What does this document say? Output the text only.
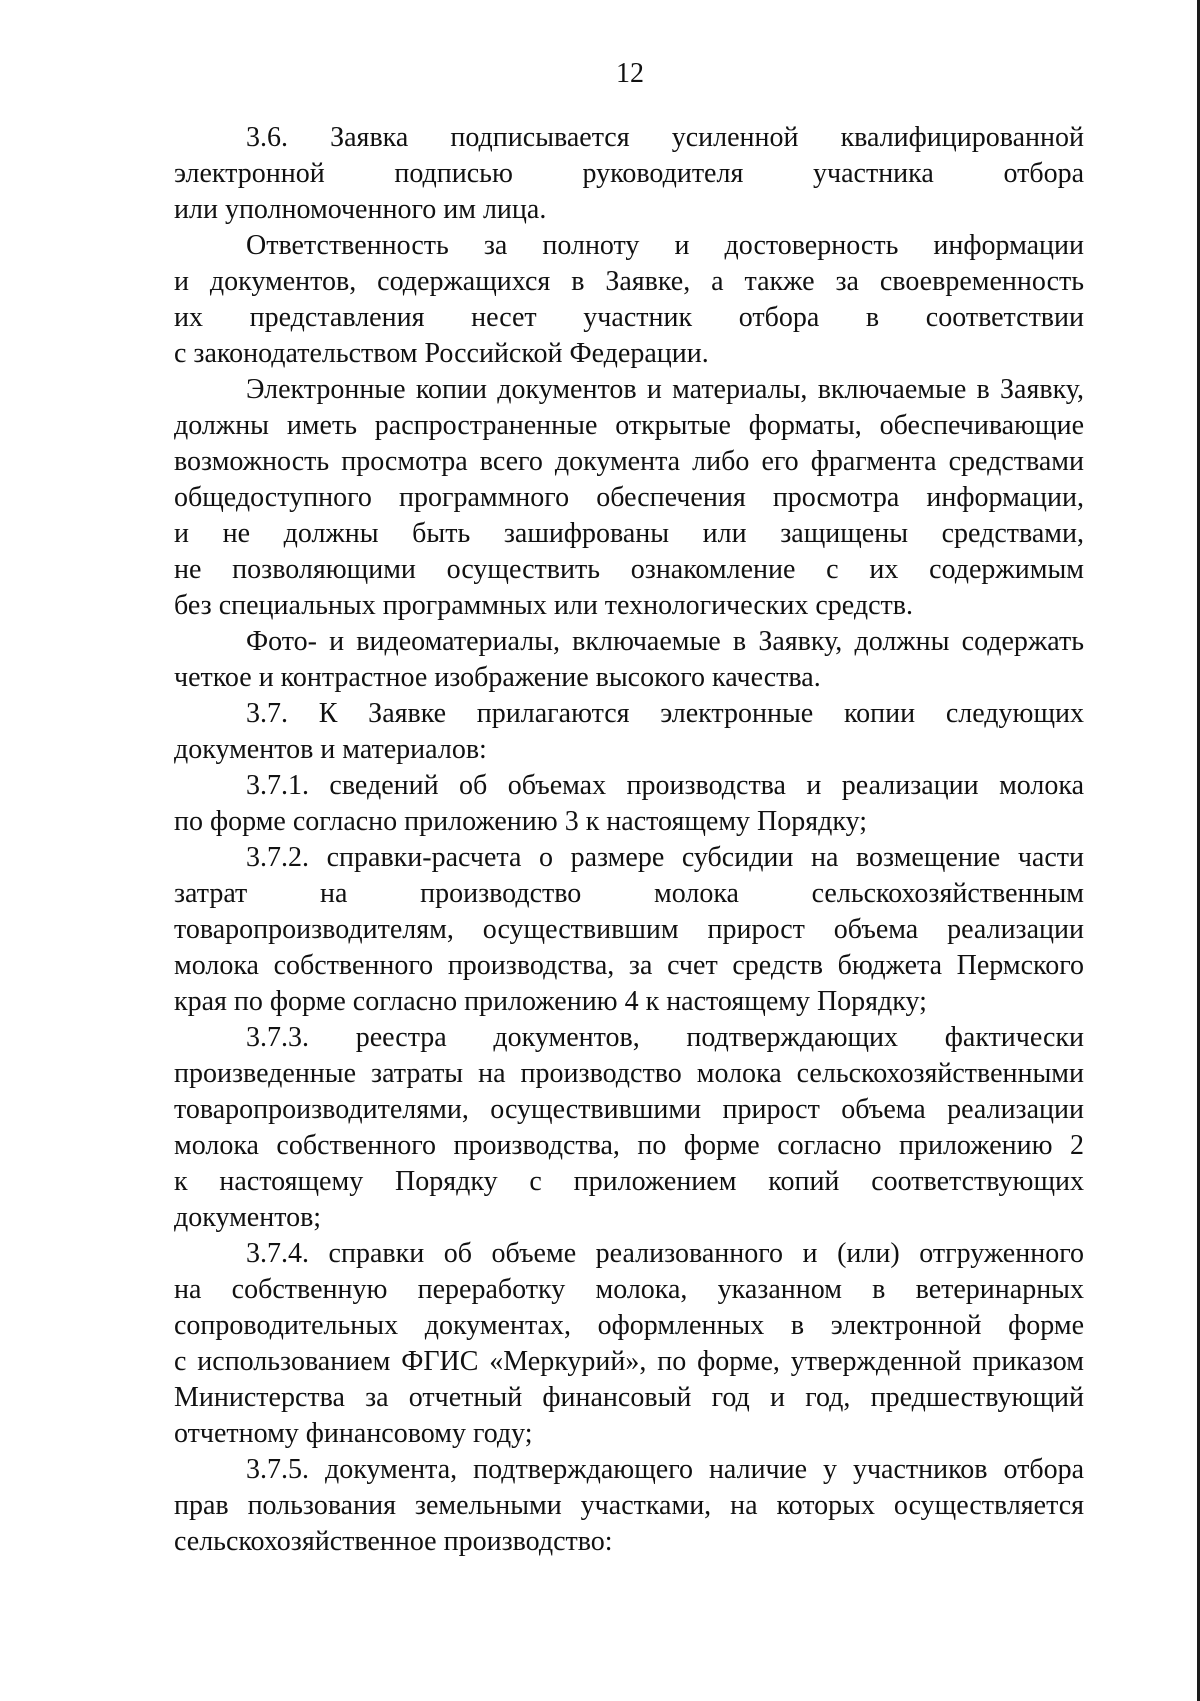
12
3.6. Заявка подписывается усиленной квалифицированной
электронной подписью руководителя участника отбора
или уполномоченного им лица.
Ответственность за полноту и достоверность информации
и документов, содержащихся в Заявке, а также за своевременность
их представления несет участник отбора в соответствии
с законодательством Российской Федерации.
Электронные копии документов и материалы, включаемые в Заявку,
должны иметь распространенные открытые форматы, обеспечивающие
возможность просмотра всего документа либо его фрагмента средствами
общедоступного программного обеспечения просмотра информации,
и не должны быть зашифрованы или защищены средствами,
не позволяющими осуществить ознакомление с их содержимым
без специальных программных или технологических средств.
Фото- и видеоматериалы, включаемые в Заявку, должны содержать
четкое и контрастное изображение высокого качества.
3.7. К Заявке прилагаются электронные копии следующих
документов и материалов:
3.7.1. сведений об объемах производства и реализации молока
по форме согласно приложению 3 к настоящему Порядку;
3.7.2. справки-расчета о размере субсидии на возмещение части
затрат на производство молока сельскохозяйственным
товаропроизводителям, осуществившим прирост объема реализации
молока собственного производства, за счет средств бюджета Пермского
края по форме согласно приложению 4 к настоящему Порядку;
3.7.3. реестра документов, подтверждающих фактически
произведенные затраты на производство молока сельскохозяйственными
товаропроизводителями, осуществившими прирост объема реализации
молока собственного производства, по форме согласно приложению 2
к настоящему Порядку с приложением копий соответствующих
документов;
3.7.4. справки об объеме реализованного и (или) отгруженного
на собственную переработку молока, указанном в ветеринарных
сопроводительных документах, оформленных в электронной форме
с использованием ФГИС «Меркурий», по форме, утвержденной приказом
Министерства за отчетный финансовый год и год, предшествующий
отчетному финансовому году;
3.7.5. документа, подтверждающего наличие у участников отбора
прав пользования земельными участками, на которых осуществляется
сельскохозяйственное производство:
